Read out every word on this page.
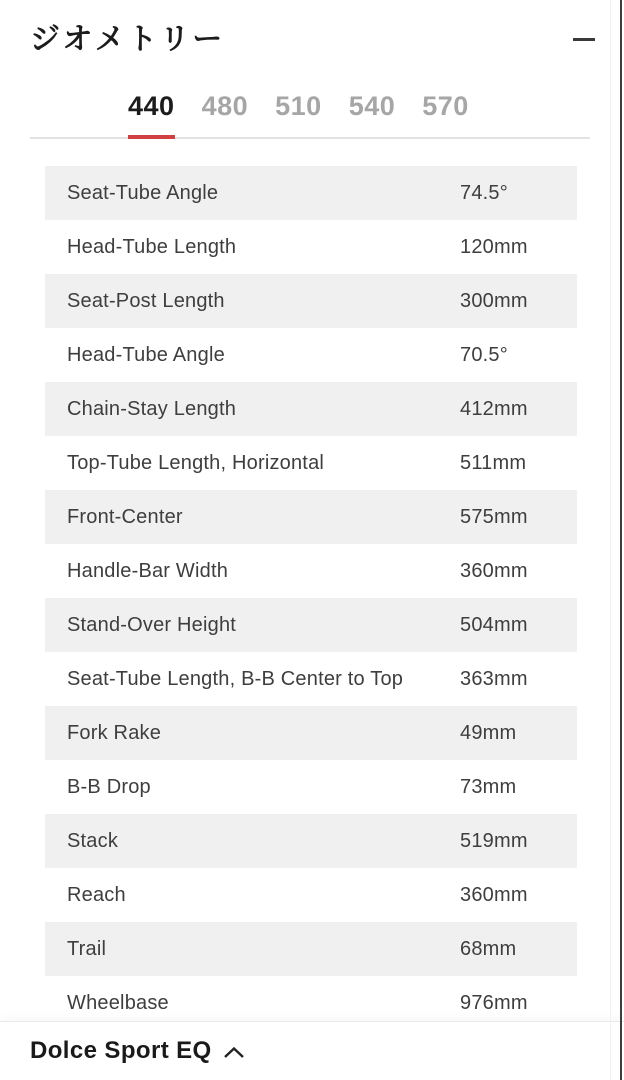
ジオメトリー
440 480 510 540 570
Seat-Tube Angle	74.5°
Head-Tube Length	120mm
Seat-Post Length	300mm
Head-Tube Angle	70.5°
Chain-Stay Length	412mm
Top-Tube Length, Horizontal	511mm
Front-Center	575mm
Handle-Bar Width	360mm
Stand-Over Height	504mm
Seat-Tube Length, B-B Center to Top	363mm
Fork Rake	49mm
B-B Drop	73mm
Stack	519mm
Reach	360mm
Trail	68mm
Wheelbase	976mm
Dolce Sport EQ
